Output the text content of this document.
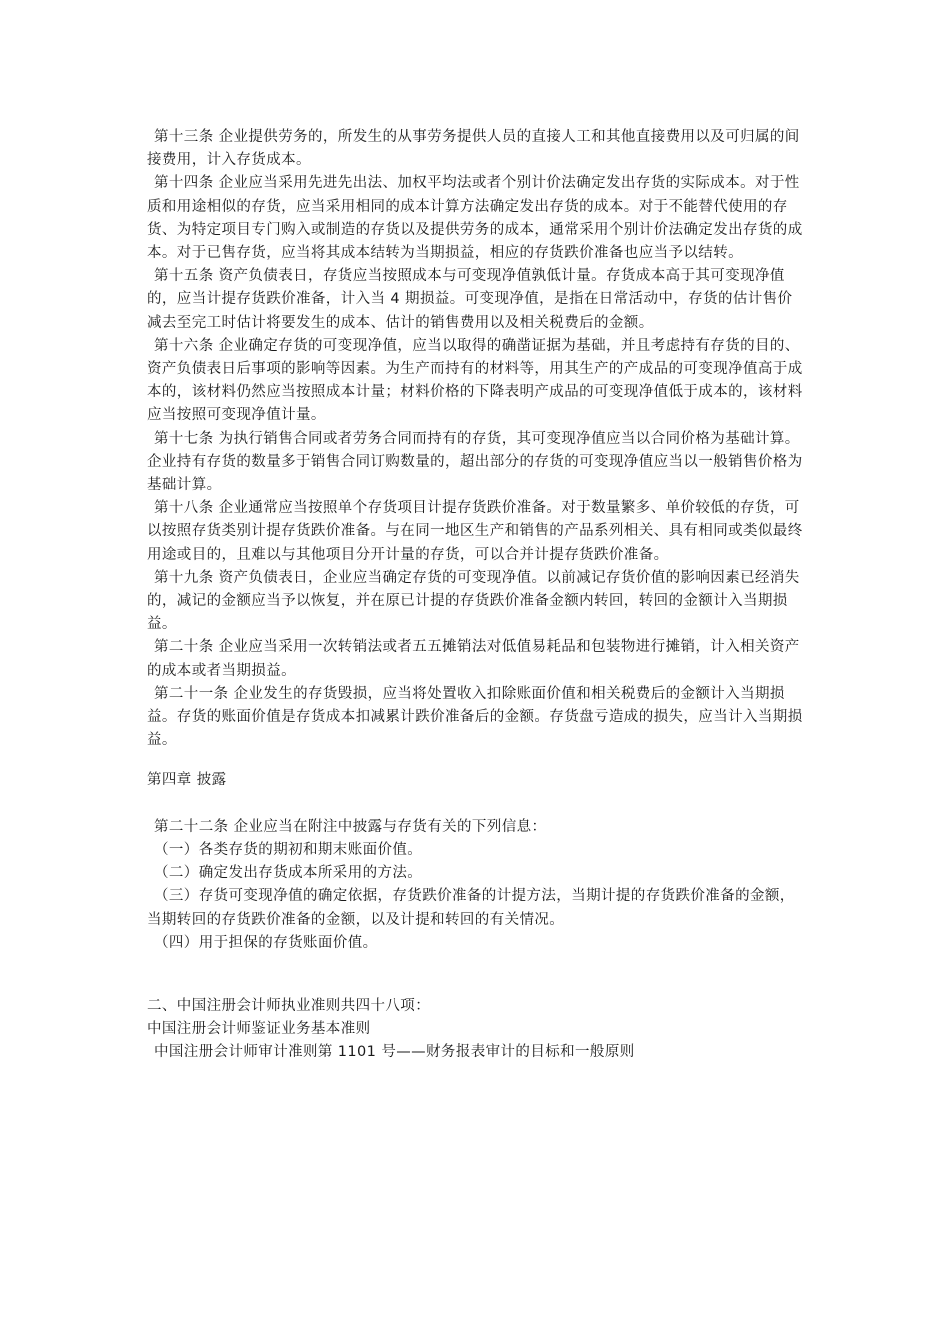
第十三条 企业提供劳务的，所发生的从事劳务提供人员的直接人工和其他直接费用以及可归属的间接费用，计入存货成本。

第十四条 企业应当采用先进先出法、加权平均法或者个别计价法确定发出存货的实际成本。对于性质和用途相似的存货，应当采用相同的成本计算方法确定发出存货的成本。对于不能替代使用的存货、为特定项目专门购入或制造的存货以及提供劳务的成本，通常采用个别计价法确定发出存货的成本。对于已售存货，应当将其成本结转为当期损益，相应的存货跌价准备也应当予以结转。

第十五条 资产负债表日，存货应当按照成本与可变现净值孰低计量。存货成本高于其可变现净值的，应当计提存货跌价准备，计入当 4 期损益。可变现净值，是指在日常活动中，存货的估计售价减去至完工时估计将要发生的成本、估计的销售费用以及相关税费后的金额。

第十六条 企业确定存货的可变现净值，应当以取得的确凿证据为基础，并且考虑持有存货的目的、资产负债表日后事项的影响等因素。为生产而持有的材料等，用其生产的产成品的可变现净值高于成本的，该材料仍然应当按照成本计量；材料价格的下降表明产成品的可变现净值低于成本的，该材料应当按照可变现净值计量。

第十七条 为执行销售合同或者劳务合同而持有的存货，其可变现净值应当以合同价格为基础计算。企业持有存货的数量多于销售合同订购数量的，超出部分的存货的可变现净值应当以一般销售价格为基础计算。

第十八条 企业通常应当按照单个存货项目计提存货跌价准备。对于数量繁多、单价较低的存货，可以按照存货类别计提存货跌价准备。与在同一地区生产和销售的产品系列相关、具有相同或类似最终用途或目的，且难以与其他项目分开计量的存货，可以合并计提存货跌价准备。

第十九条 资产负债表日，企业应当确定存货的可变现净值。以前减记存货价值的影响因素已经消失的，减记的金额应当予以恢复，并在原已计提的存货跌价准备金额内转回，转回的金额计入当期损益。

第二十条 企业应当采用一次转销法或者五五摊销法对低值易耗品和包装物进行摊销，计入相关资产的成本或者当期损益。

第二十一条 企业发生的存货毁损，应当将处置收入扣除账面价值和相关税费后的金额计入当期损益。存货的账面价值是存货成本扣减累计跌价准备后的金额。存货盘亏造成的损失，应当计入当期损益。

第四章 披露

第二十二条 企业应当在附注中披露与存货有关的下列信息：

（一）各类存货的期初和期末账面价值。

（二）确定发出存货成本所采用的方法。

（三）存货可变现净值的确定依据，存货跌价准备的计提方法，当期计提的存货跌价准备的金额，当期转回的存货跌价准备的金额，以及计提和转回的有关情况。

（四）用于担保的存货账面价值。

二、中国注册会计师执业准则共四十八项：

中国注册会计师鉴证业务基本准则

中国注册会计师审计准则第 1101 号——财务报表审计的目标和一般原则
